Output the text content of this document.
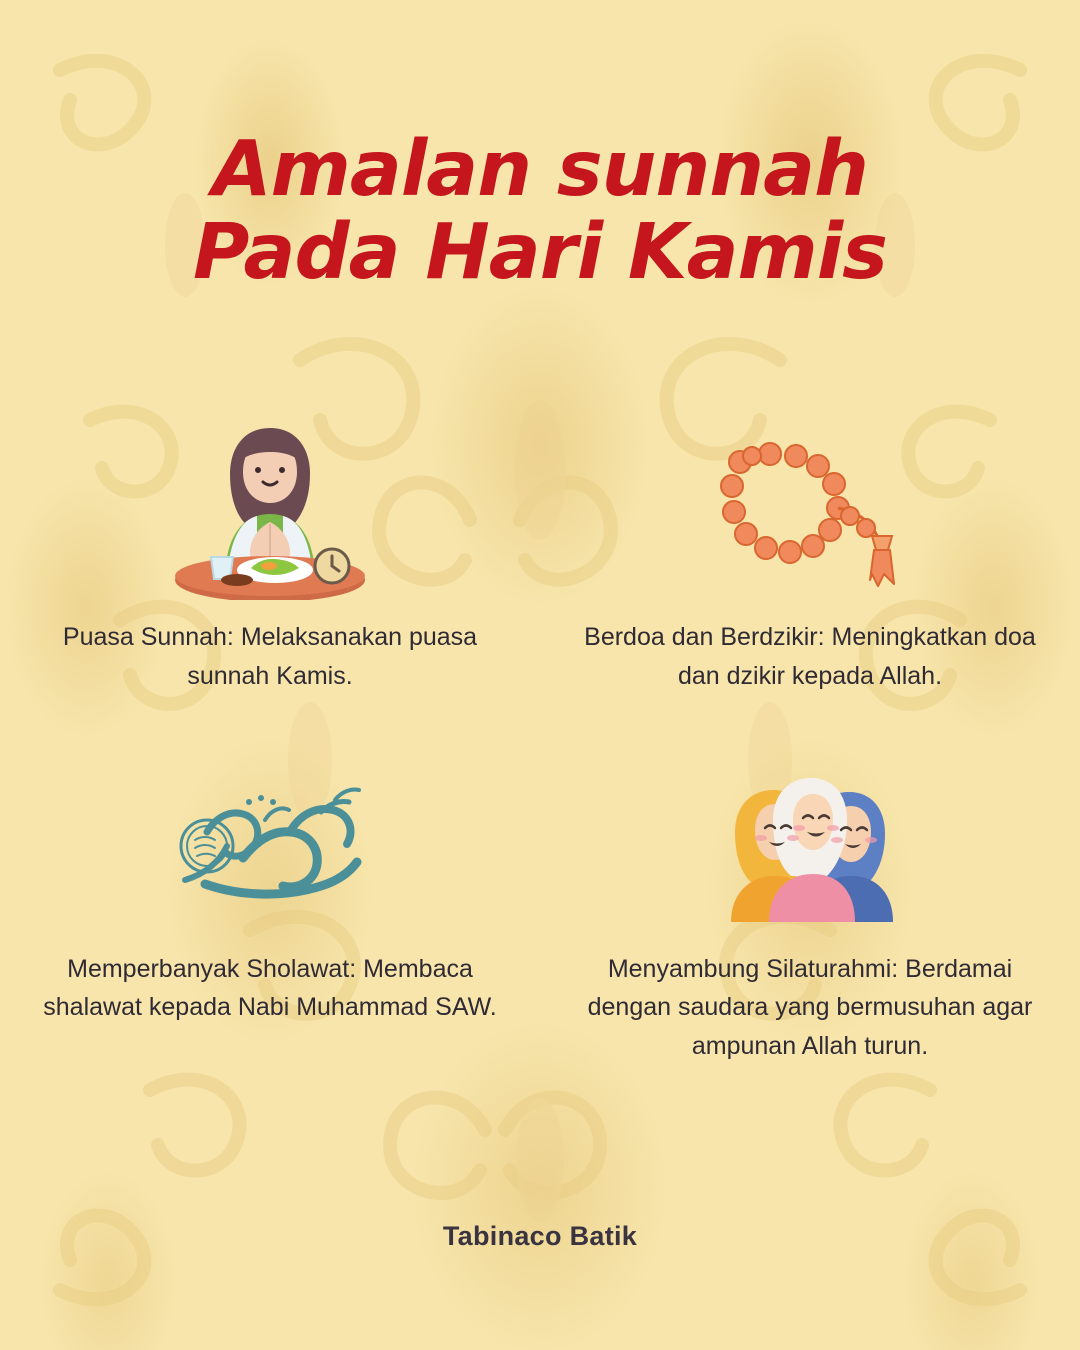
Amalan sunnah
Pada Hari Kamis
Puasa Sunnah: Melaksanakan puasa sunnah Kamis.
Berdoa dan Berdzikir: Meningkatkan doa dan dzikir kepada Allah.
Memperbanyak Sholawat: Membaca shalawat kepada Nabi Muhammad SAW.
Menyambung Silaturahmi: Berdamai dengan saudara yang bermusuhan agar ampunan Allah turun.
Tabinaco Batik
